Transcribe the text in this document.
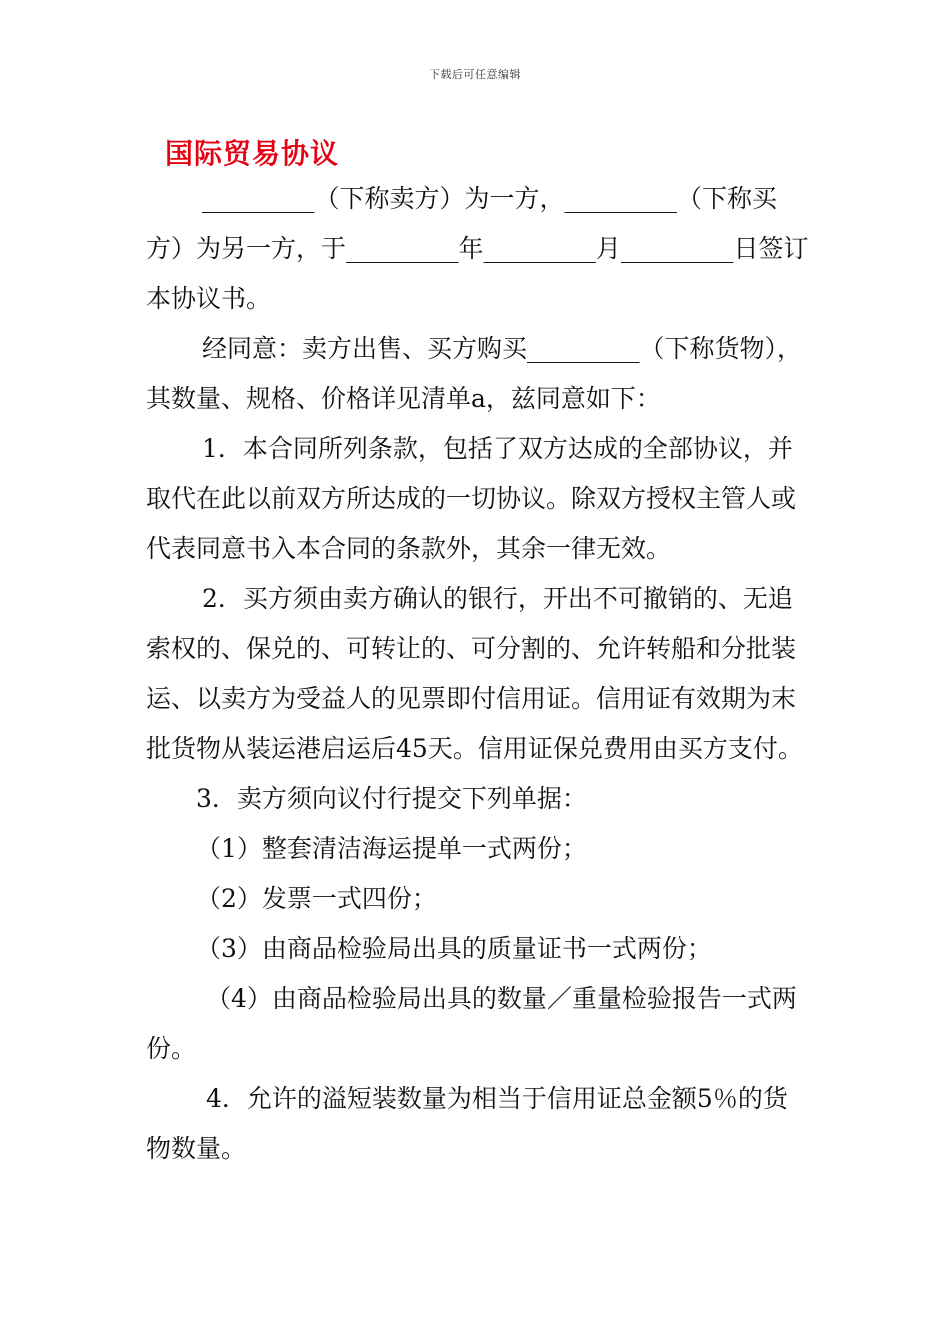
下载后可任意编辑
国际贸易协议

_________（下称卖方）为一方，_________（下称买方）为另一方，于_________年_________月_________日签订本协议书。

经同意：卖方出售、买方购买_________（下称货物），其数量、规格、价格详见清单a，兹同意如下：

1．本合同所列条款，包括了双方达成的全部协议，并取代在此以前双方所达成的一切协议。除双方授权主管人或代表同意书入本合同的条款外，其余一律无效。

2．买方须由卖方确认的银行，开出不可撤销的、无追索权的、保兑的、可转让的、可分割的、允许转船和分批装运、以卖方为受益人的见票即付信用证。信用证有效期为末批货物从装运港启运后45天。信用证保兑费用由买方支付。

3．卖方须向议付行提交下列单据：

（1）整套清洁海运提单一式两份；

（2）发票一式四份；

（3）由商品检验局出具的质量证书一式两份；

（4）由商品检验局出具的数量／重量检验报告一式两份。

4．允许的溢短装数量为相当于信用证总金额5％的货物数量。
